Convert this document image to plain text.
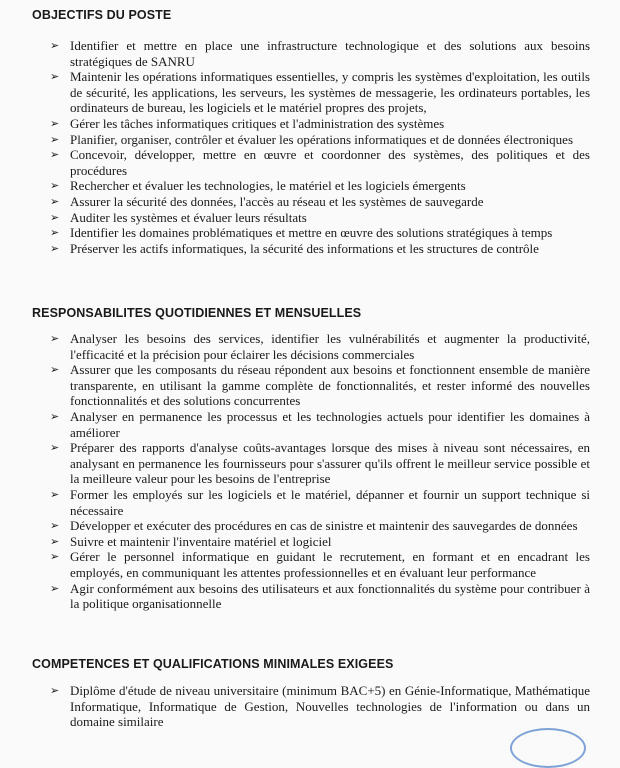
OBJECTIFS DU POSTE
➢ Identifier et mettre en place une infrastructure technologique et des solutions aux besoins stratégiques de SANRU
➢ Maintenir les opérations informatiques essentielles, y compris les systèmes d'exploitation, les outils de sécurité, les applications, les serveurs, les systèmes de messagerie, les ordinateurs portables, les ordinateurs de bureau, les logiciels et le matériel propres des projets,
➢ Gérer les tâches informatiques critiques et l'administration des systèmes
➢ Planifier, organiser, contrôler et évaluer les opérations informatiques et de données électroniques
➢ Concevoir, développer, mettre en œuvre et coordonner des systèmes, des politiques et des procédures
➢ Rechercher et évaluer les technologies, le matériel et les logiciels émergents
➢ Assurer la sécurité des données, l'accès au réseau et les systèmes de sauvegarde
➢ Auditer les systèmes et évaluer leurs résultats
➢ Identifier les domaines problématiques et mettre en œuvre des solutions stratégiques à temps
➢ Préserver les actifs informatiques, la sécurité des informations et les structures de contrôle
RESPONSABILITES QUOTIDIENNES ET MENSUELLES
➢ Analyser les besoins des services, identifier les vulnérabilités et augmenter la productivité, l'efficacité et la précision pour éclairer les décisions commerciales
➢ Assurer que les composants du réseau répondent aux besoins et fonctionnent ensemble de manière transparente, en utilisant la gamme complète de fonctionnalités, et rester informé des nouvelles fonctionnalités et des solutions concurrentes
➢ Analyser en permanence les processus et les technologies actuels pour identifier les domaines à améliorer
➢ Préparer des rapports d'analyse coûts-avantages lorsque des mises à niveau sont nécessaires, en analysant en permanence les fournisseurs pour s'assurer qu'ils offrent le meilleur service possible et la meilleure valeur pour les besoins de l'entreprise
➢ Former les employés sur les logiciels et le matériel, dépanner et fournir un support technique si nécessaire
➢ Développer et exécuter des procédures en cas de sinistre et maintenir des sauvegardes de données
➢ Suivre et maintenir l'inventaire matériel et logiciel
➢ Gérer le personnel informatique en guidant le recrutement, en formant et en encadrant les employés, en communiquant les attentes professionnelles et en évaluant leur performance
➢ Agir conformément aux besoins des utilisateurs et aux fonctionnalités du système pour contribuer à la politique organisationnelle
COMPETENCES ET QUALIFICATIONS MINIMALES EXIGEES
➢ Diplôme d'étude de niveau universitaire (minimum BAC+5) en Génie-Informatique, Mathématique Informatique, Informatique de Gestion, Nouvelles technologies de l'information ou dans un domaine similaire
